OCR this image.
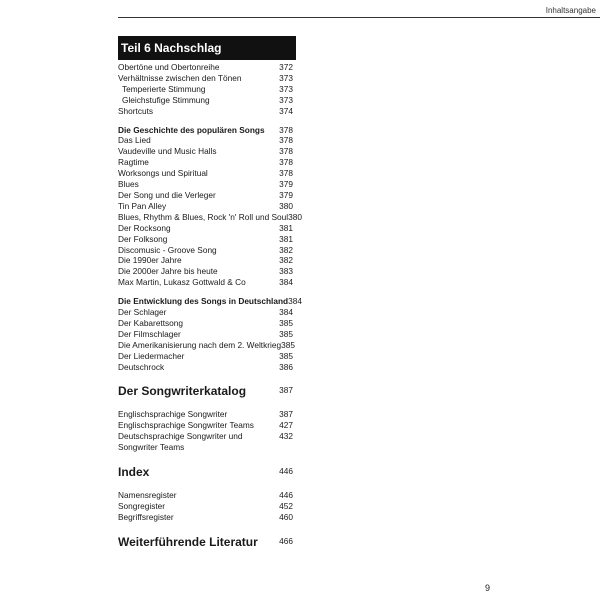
Inhaltsangabe
Teil 6 Nachschlag
Obertöne und Obertonreihe	372
Verhältnisse zwischen den Tönen	373
Temperierte Stimmung	373
Gleichstufige Stimmung	373
Shortcuts	374
Die Geschichte des populären Songs 378
Das Lied	378
Vaudeville und Music Halls	378
Ragtime	378
Worksongs und Spiritual	378
Blues	379
Der Song und die Verleger	379
Tin Pan Alley	380
Blues, Rhythm & Blues, Rock 'n' Roll und Soul 380
Der Rocksong	381
Der Folksong	381
Discomusic - Groove Song	382
Die 1990er Jahre	382
Die 2000er Jahre bis heute	383
Max Martin, Lukasz Gottwald & Co	384
Die Entwicklung des Songs in Deutschland 384
Der Schlager	384
Der Kabarettsong	385
Der Filmschlager	385
Die Amerikanisierung nach dem 2. Weltkrieg 385
Der Liedermacher	385
Deutschrock	386
Der Songwriterkatalog	387
Englischsprachige Songwriter	387
Englischsprachige Songwriter Teams	427
Deutschsprachige Songwriter und	432
Songwriter Teams
Index	446
Namensregister	446
Songregister	452
Begriffsregister	460
Weiterführende Literatur	466
9
